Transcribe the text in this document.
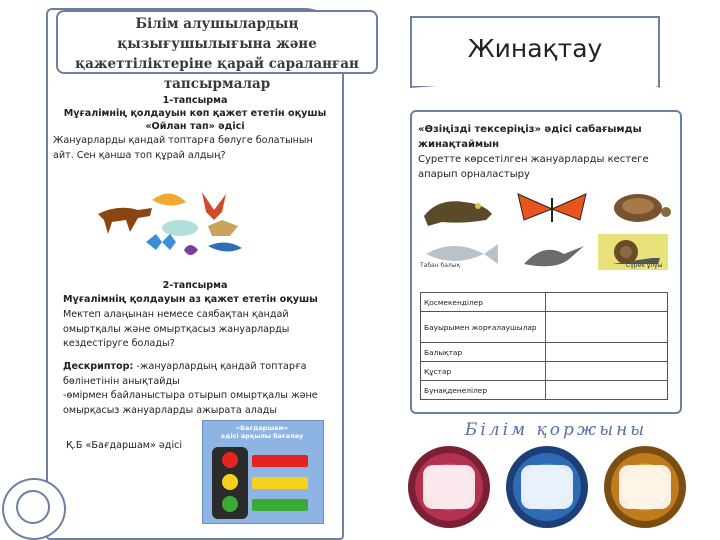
Білім алушылардың қызығушылығына және қажеттіліктеріне қарай сараланған тапсырмалар
1-тапсырма
Мұғалімнің қолдауын көп қажет ететін оқушы
«Ойлан тап» әдісі
Жануарларды қандай топтарға бөлуге болатынын айт. Сен қанша топ құрай алдың?
2-тапсырма
Мұғалімнің қолдауын аз қажет ететін оқушы
Мектеп алаңынан немесе саябақтан қандай омыртқалы және омыртқасыз жануарларды кездестіруге болады?
Дескриптор: -жануарлардың қандай топтарға бөлінетінін анықтайды
-өмірмен байланыстыра отырып омыртқалы және омырқасыз жануарларды ажырата алады
Қ.Б «Бағдаршам» әдісі
«Бағдаршам»
әдісі арқылы бағалау
Жинақтау
«Өзіңізді тексеріңіз» әдісі сабағымды жинақтаймын
Суретте көрсетілген жануарларды кестеге апарып орналастыру
Табан балық	Сүрек ұлуы
Қосмекенділер	
Бауырымен жорғалаушылар	
Балықтар	
Құстар	
Бунақденелілер	
Білім қоржыны
